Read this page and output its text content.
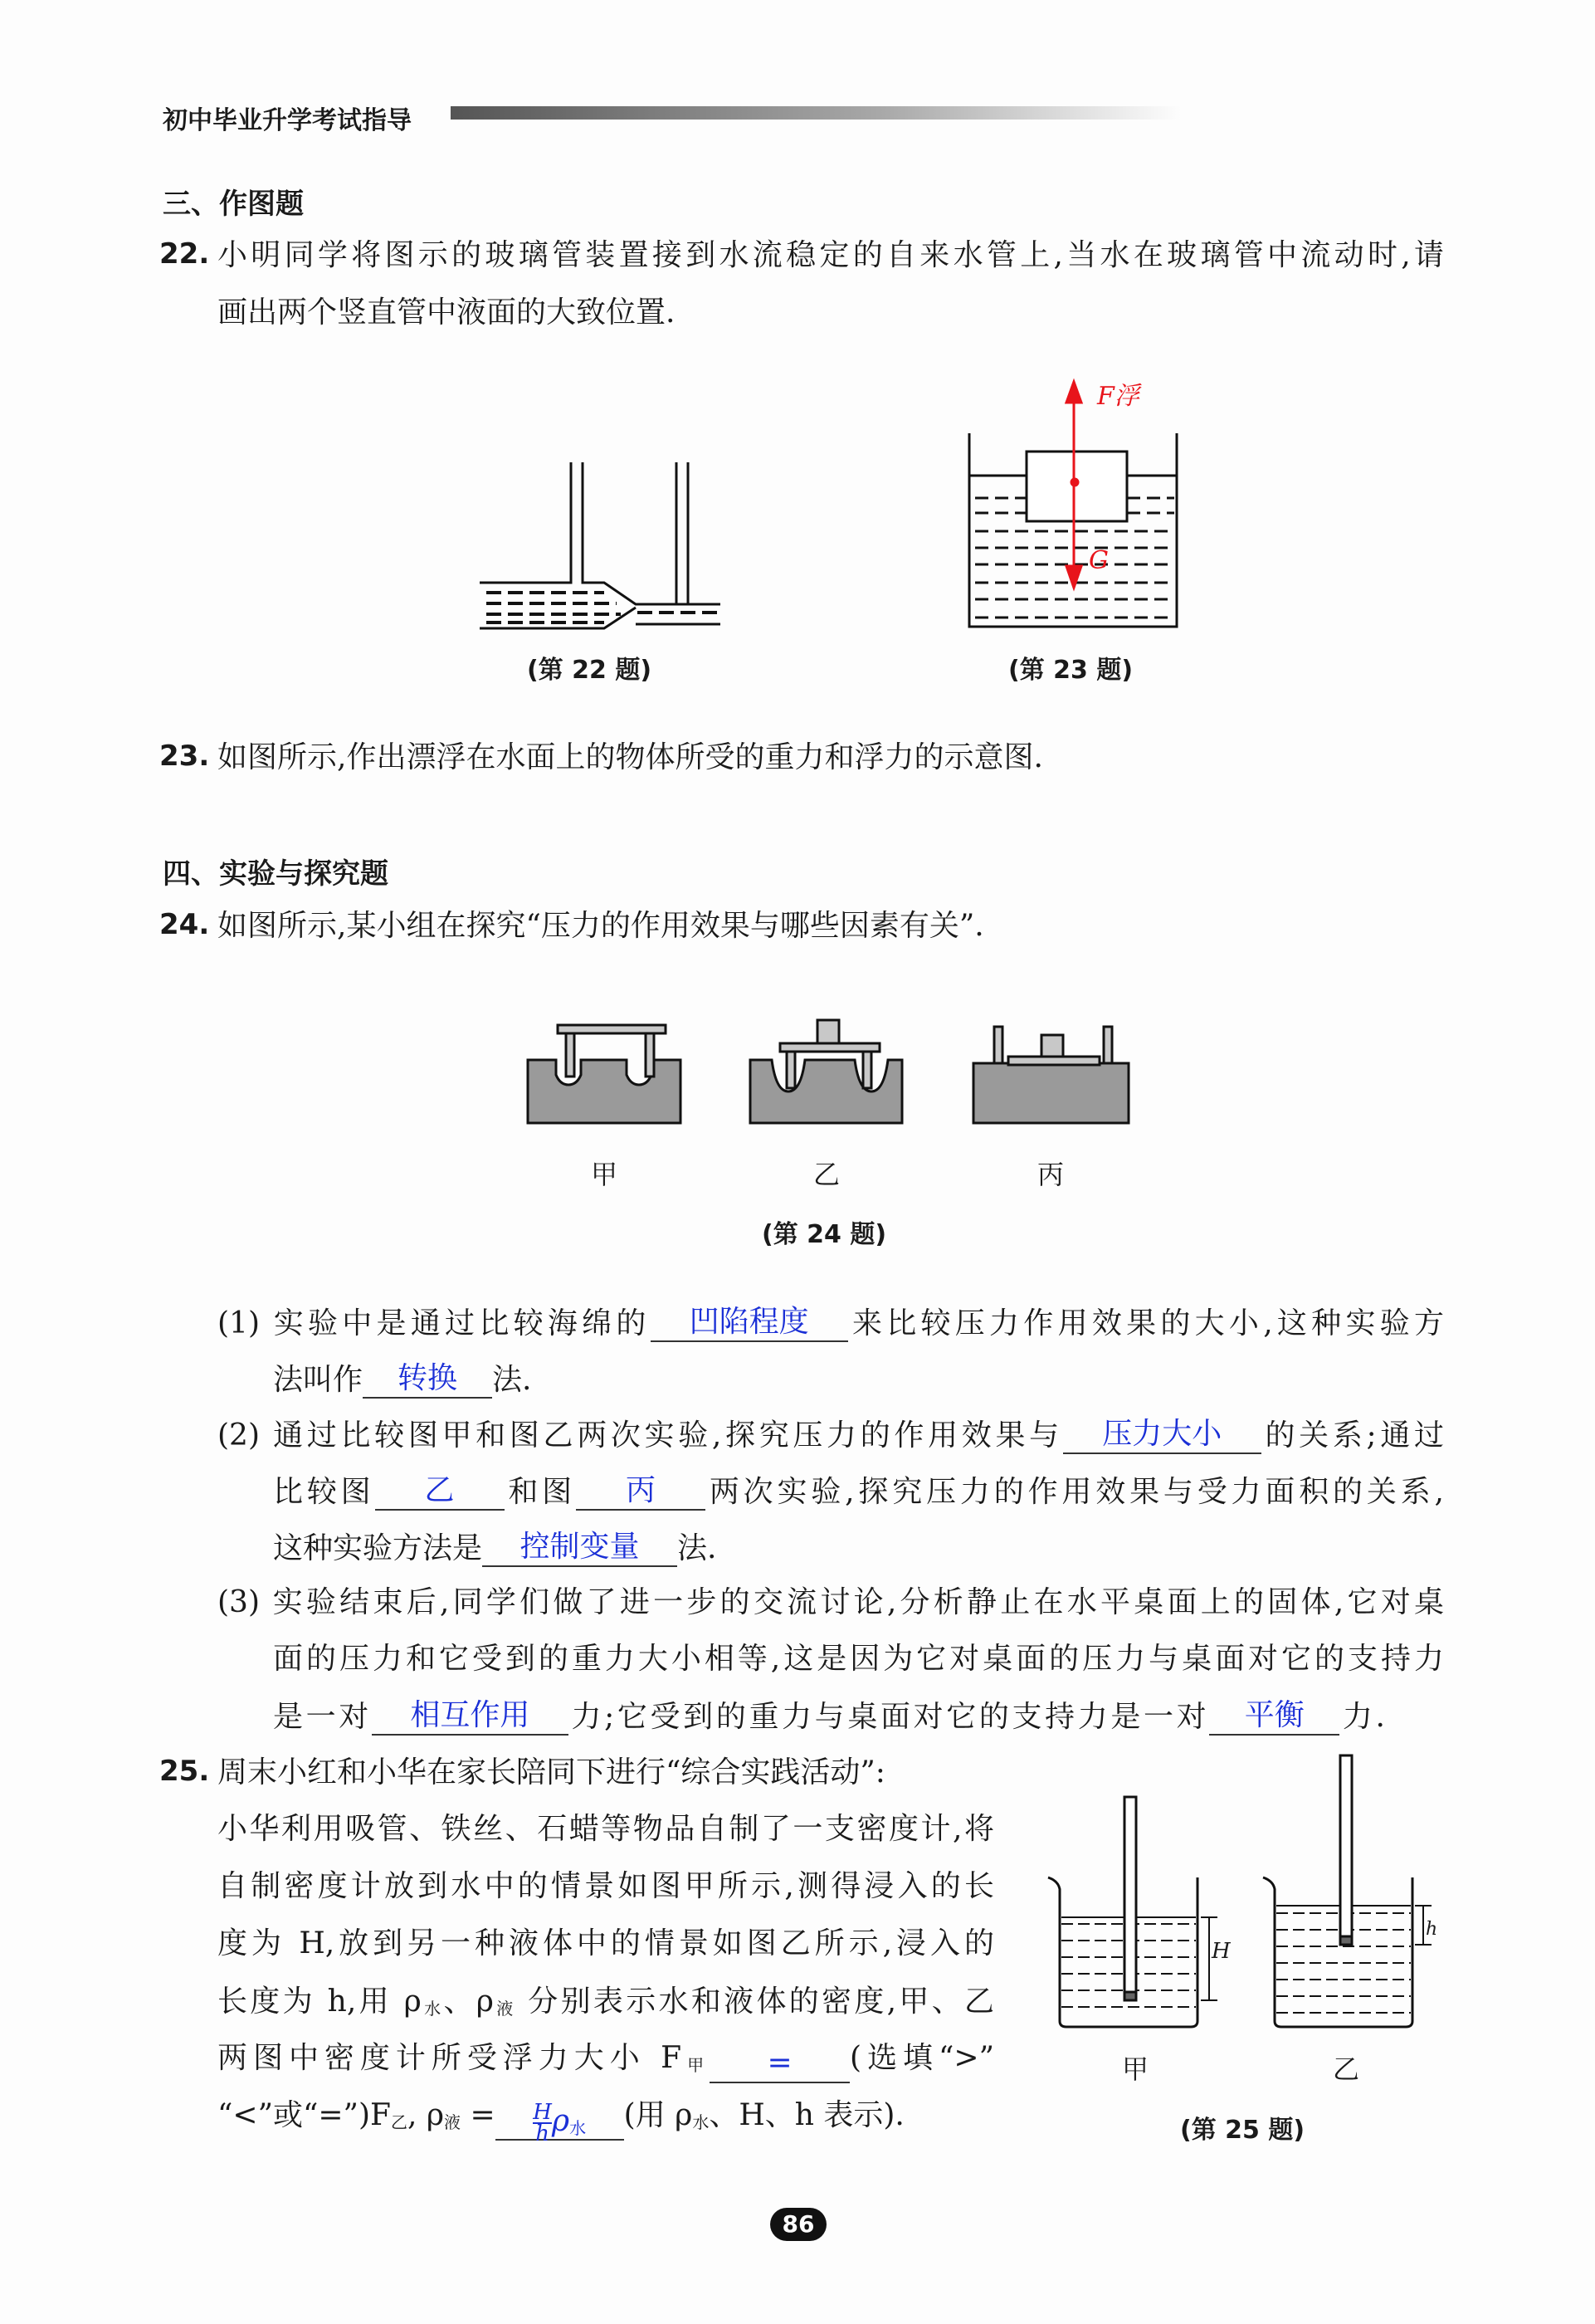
初中毕业升学考试指导
三、作图题
22. 小明同学将图示的玻璃管装置接到水流稳定的自来水管上,当水在玻璃管中流动时,请
画出两个竖直管中液面的大致位置.
(第 22 题)
F浮
G
(第 23 题)
23. 如图所示,作出漂浮在水面上的物体所受的重力和浮力的示意图.
四、实验与探究题
24. 如图所示,某小组在探究“压力的作用效果与哪些因素有关”.
甲	乙	丙
(第 24 题)
(1) 实验中是通过比较海绵的 凹陷程度 来比较压力作用效果的大小,这种实验方
法叫作 转换 法.
(2) 通过比较图甲和图乙两次实验,探究压力的作用效果与 压力大小 的关系;通过
比较图 乙 和图 丙 两次实验,探究压力的作用效果与受力面积的关系,
这种实验方法是 控制变量 法.
(3) 实验结束后,同学们做了进一步的交流讨论,分析静止在水平桌面上的固体,它对桌
面的压力和它受到的重力大小相等,这是因为它对桌面的压力与桌面对它的支持力
是一对 相互作用 力;它受到的重力与桌面对它的支持力是一对 平衡 力.
25. 周末小红和小华在家长陪同下进行“综合实践活动”:
小华利用吸管、铁丝、石蜡等物品自制了一支密度计,将
自制密度计放到水中的情景如图甲所示,测得浸入的长
度为 H,放到另一种液体中的情景如图乙所示,浸入的
长度为 h,用 $\rho_水$、$\rho_液$ 分别表示水和液体的密度,甲、乙
两图中密度计所受浮力大小 $F_甲$ = (选填“>”
“<”或“$=”)F_乙$, $\rho_液 = \frac{H}{h} \rho_水$ (用 $\rho_水$、H、h 表示).
H
h
甲	乙
(第 25 题)
86
